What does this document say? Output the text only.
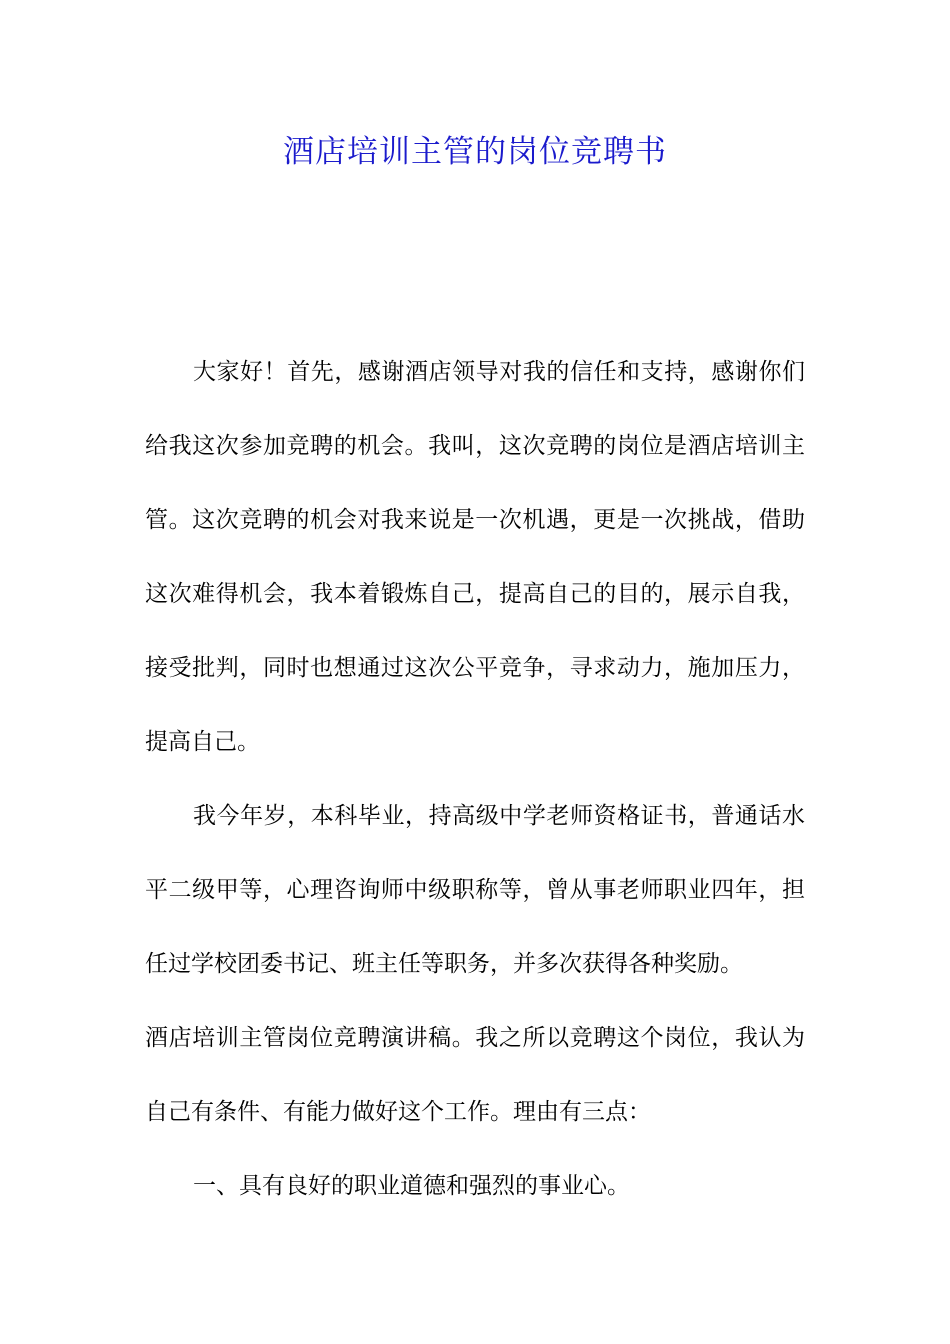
酒店培训主管的岗位竞聘书

大家好！首先，感谢酒店领导对我的信任和支持，感谢你们给我这次参加竞聘的机会。我叫，这次竞聘的岗位是酒店培训主管。这次竞聘的机会对我来说是一次机遇，更是一次挑战，借助这次难得机会，我本着锻炼自己，提高自己的目的，展示自我，接受批判，同时也想通过这次公平竞争，寻求动力，施加压力，提高自己。

我今年岁，本科毕业，持高级中学老师资格证书，普通话水平二级甲等，心理咨询师中级职称等，曾从事老师职业四年，担任过学校团委书记、班主任等职务，并多次获得各种奖励。

酒店培训主管岗位竞聘演讲稿。我之所以竞聘这个岗位，我认为自己有条件、有能力做好这个工作。理由有三点：

一、具有良好的职业道德和强烈的事业心。
